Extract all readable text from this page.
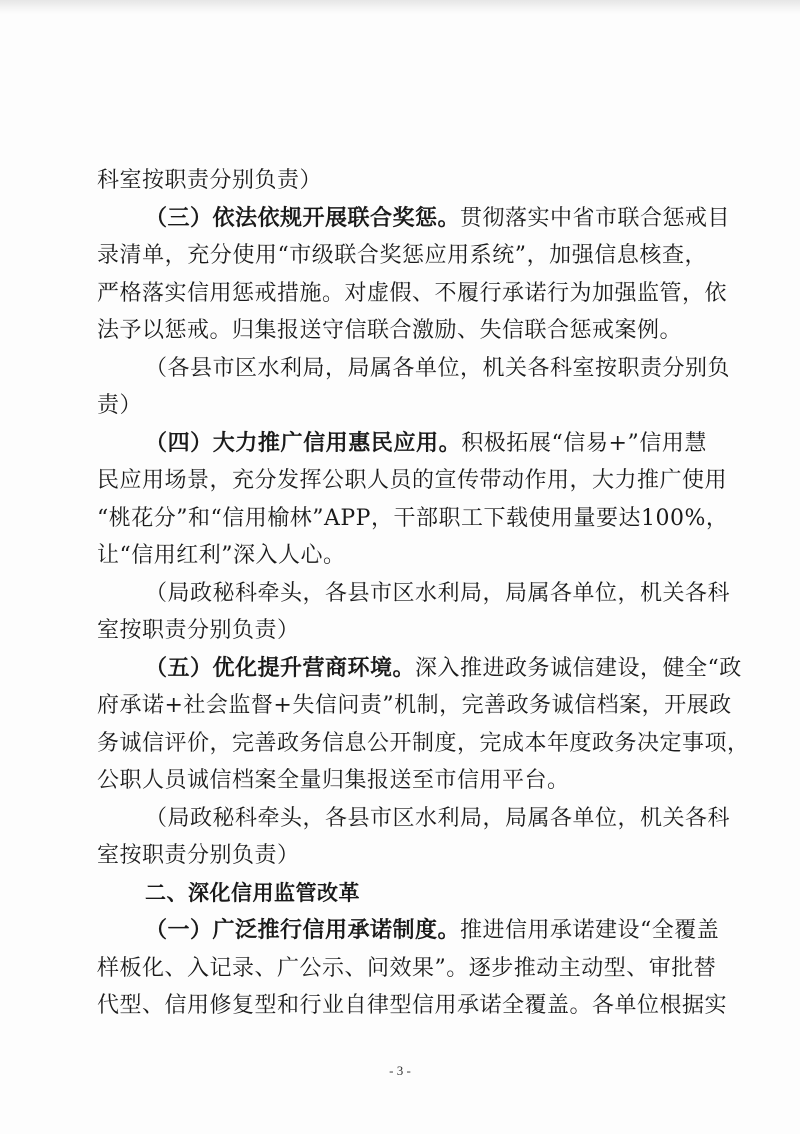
科室按职责分别负责）
（三）依法依规开展联合奖惩。贯彻落实中省市联合惩戒目
录清单，充分使用“市级联合奖惩应用系统”，加强信息核查，
严格落实信用惩戒措施。对虚假、不履行承诺行为加强监管，依
法予以惩戒。归集报送守信联合激励、失信联合惩戒案例。
（各县市区水利局，局属各单位，机关各科室按职责分别负
责）
（四）大力推广信用惠民应用。积极拓展“信易+”信用慧
民应用场景，充分发挥公职人员的宣传带动作用，大力推广使用
“桃花分”和“信用榆林”APP，干部职工下载使用量要达100%，
让“信用红利”深入人心。
（局政秘科牵头，各县市区水利局，局属各单位，机关各科
室按职责分别负责）
（五）优化提升营商环境。深入推进政务诚信建设，健全“政
府承诺+社会监督+失信问责”机制，完善政务诚信档案，开展政
务诚信评价，完善政务信息公开制度，完成本年度政务决定事项，
公职人员诚信档案全量归集报送至市信用平台。
（局政秘科牵头，各县市区水利局，局属各单位，机关各科
室按职责分别负责）
二、深化信用监管改革
（一）广泛推行信用承诺制度。推进信用承诺建设“全覆盖
样板化、入记录、广公示、问效果”。逐步推动主动型、审批替
代型、信用修复型和行业自律型信用承诺全覆盖。各单位根据实
- 3 -
